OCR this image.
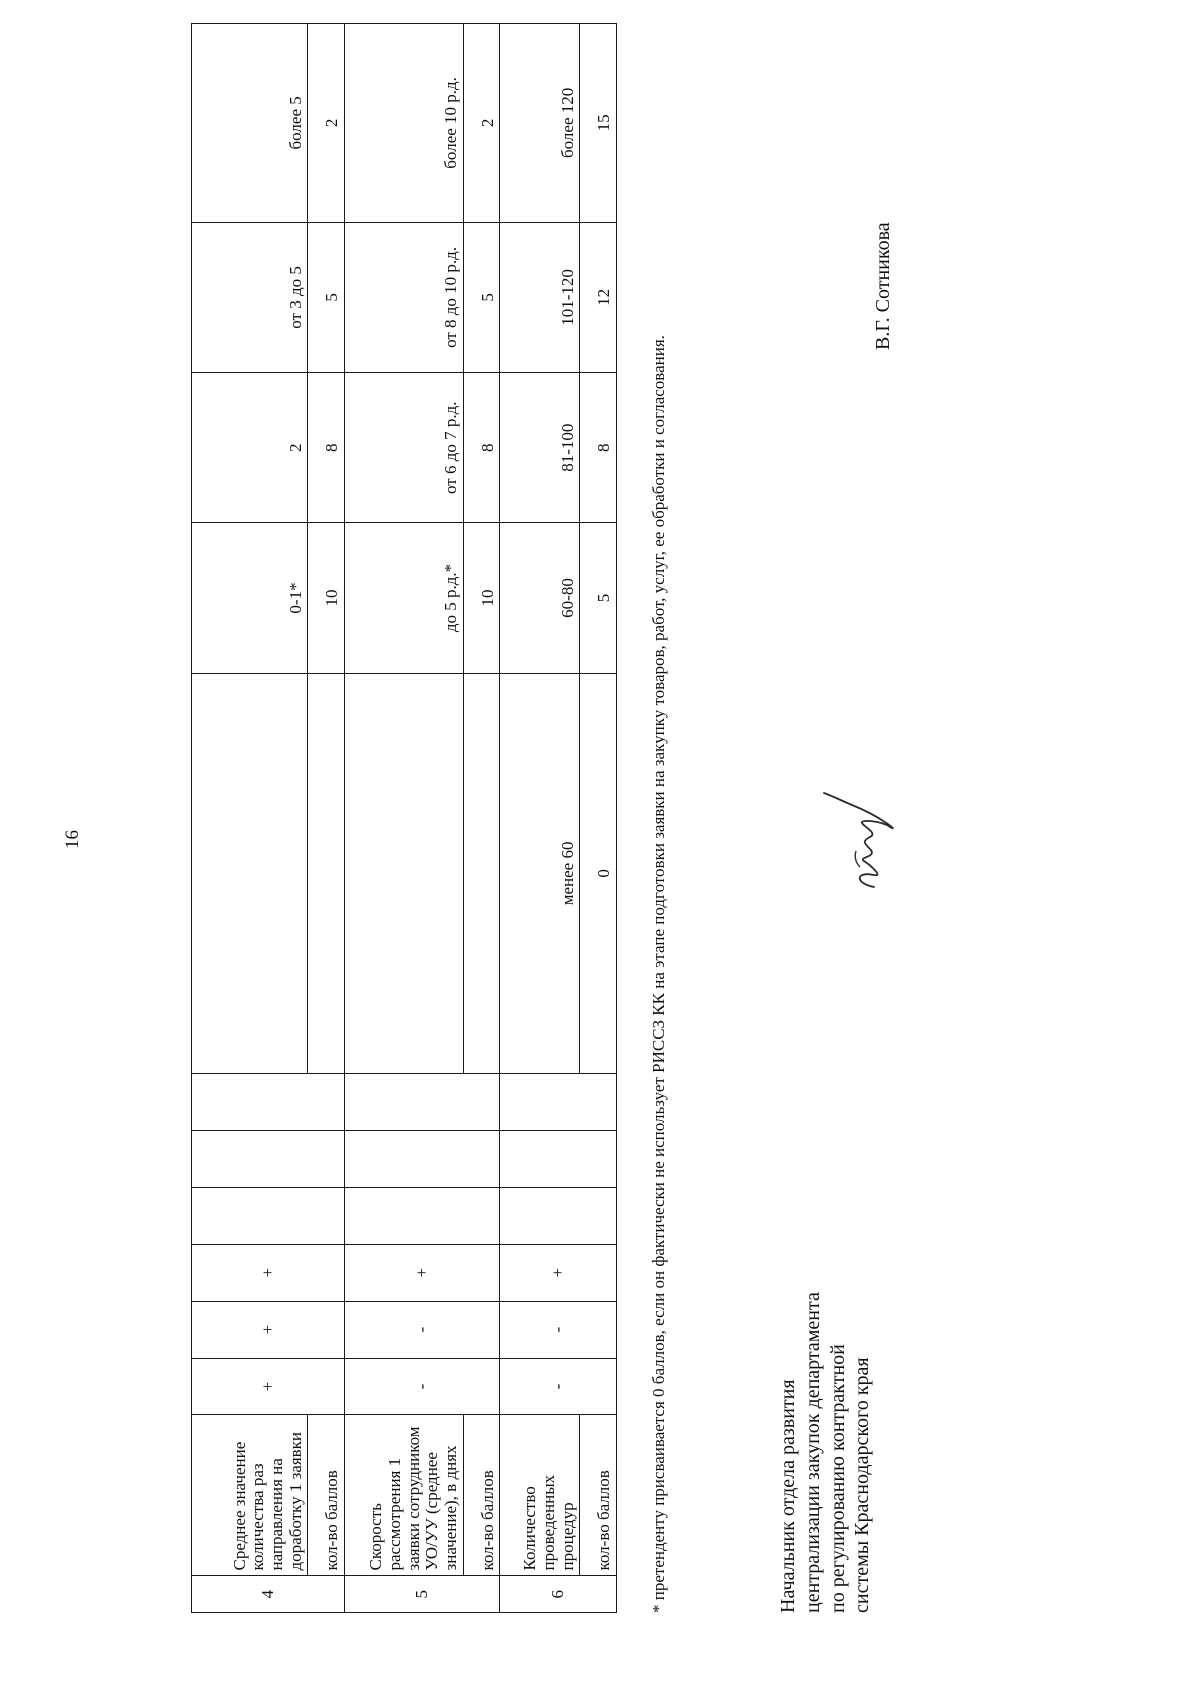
16
4	Среднее значение количества раз направления на доработку 1 заявки	+	+	+					0-1*	2	от 3 до 5	более 5
	кол-во баллов								10	8	5	2
5	Скорость рассмотрения 1 заявки сотрудником УО/УУ (среднее значение), в днях	-	-	+					до 5 р.д.*	от 6 до 7 р.д.	от 8 до 10 р.д.	более 10 р.д.
	кол-во баллов								10	8	5	2
6	Количество проведенных процедур	-	-	+				менее 60	60-80	81-100	101-120	более 120
	кол-во баллов							0	5	8	12	15
* претенденту присваивается 0 баллов, если он фактически не использует РИССЗ КК на этапе подготовки заявки на закупку товаров, работ, услуг, ее обработки и согласования.	Начальник отдела развития централизации закупок департамента по регулированию контрактной системы Краснодарского края
В.Г. Сотникова
